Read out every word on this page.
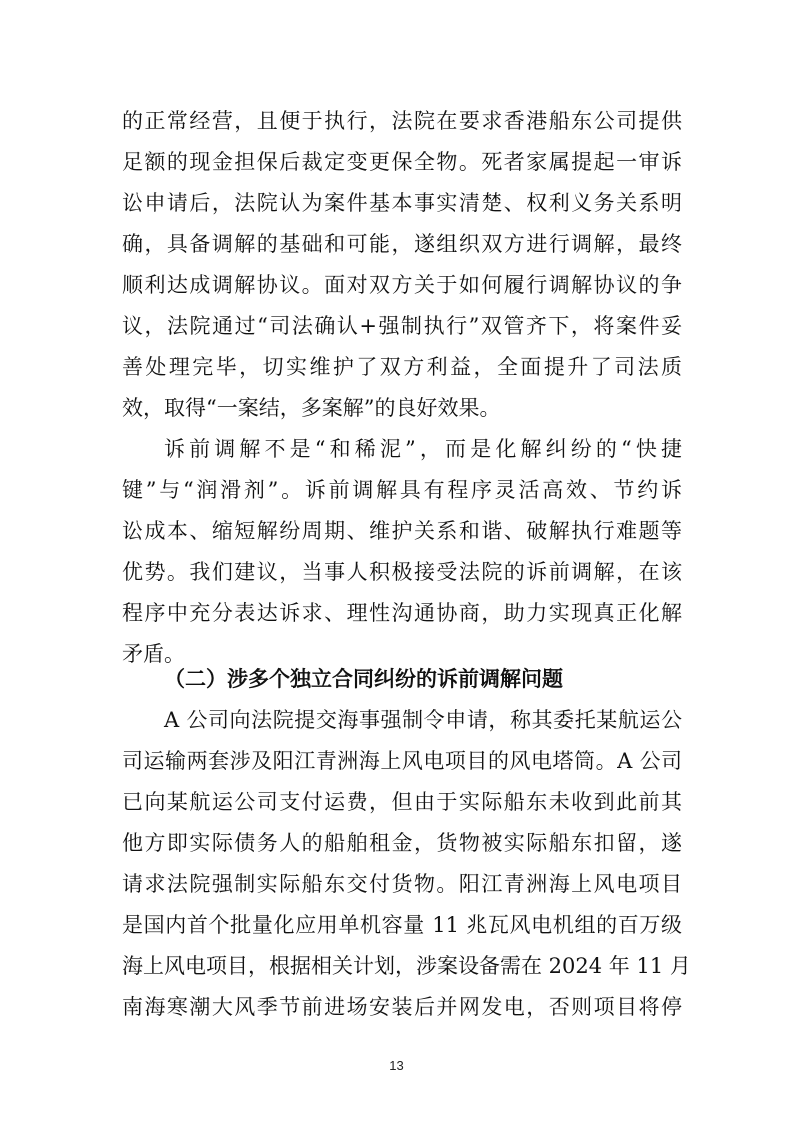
的正常经营，且便于执行，法院在要求香港船东公司提供
足额的现金担保后裁定变更保全物。死者家属提起一审诉
讼申请后，法院认为案件基本事实清楚、权利义务关系明
确，具备调解的基础和可能，遂组织双方进行调解，最终
顺利达成调解协议。面对双方关于如何履行调解协议的争
议，法院通过“司法确认+强制执行”双管齐下，将案件妥
善处理完毕，切实维护了双方利益，全面提升了司法质
效，取得“一案结，多案解”的良好效果。
诉前调解不是“和稀泥”，而是化解纠纷的“快捷
键”与“润滑剂”。诉前调解具有程序灵活高效、节约诉
讼成本、缩短解纷周期、维护关系和谐、破解执行难题等
优势。我们建议，当事人积极接受法院的诉前调解，在该
程序中充分表达诉求、理性沟通协商，助力实现真正化解
矛盾。
（二）涉多个独立合同纠纷的诉前调解问题
A 公司向法院提交海事强制令申请，称其委托某航运公
司运输两套涉及阳江青洲海上风电项目的风电塔筒。A 公司
已向某航运公司支付运费，但由于实际船东未收到此前其
他方即实际债务人的船舶租金，货物被实际船东扣留，遂
请求法院强制实际船东交付货物。阳江青洲海上风电项目
是国内首个批量化应用单机容量 11 兆瓦风电机组的百万级
海上风电项目，根据相关计划，涉案设备需在 2024 年 11 月
南海寒潮大风季节前进场安装后并网发电，否则项目将停
13
